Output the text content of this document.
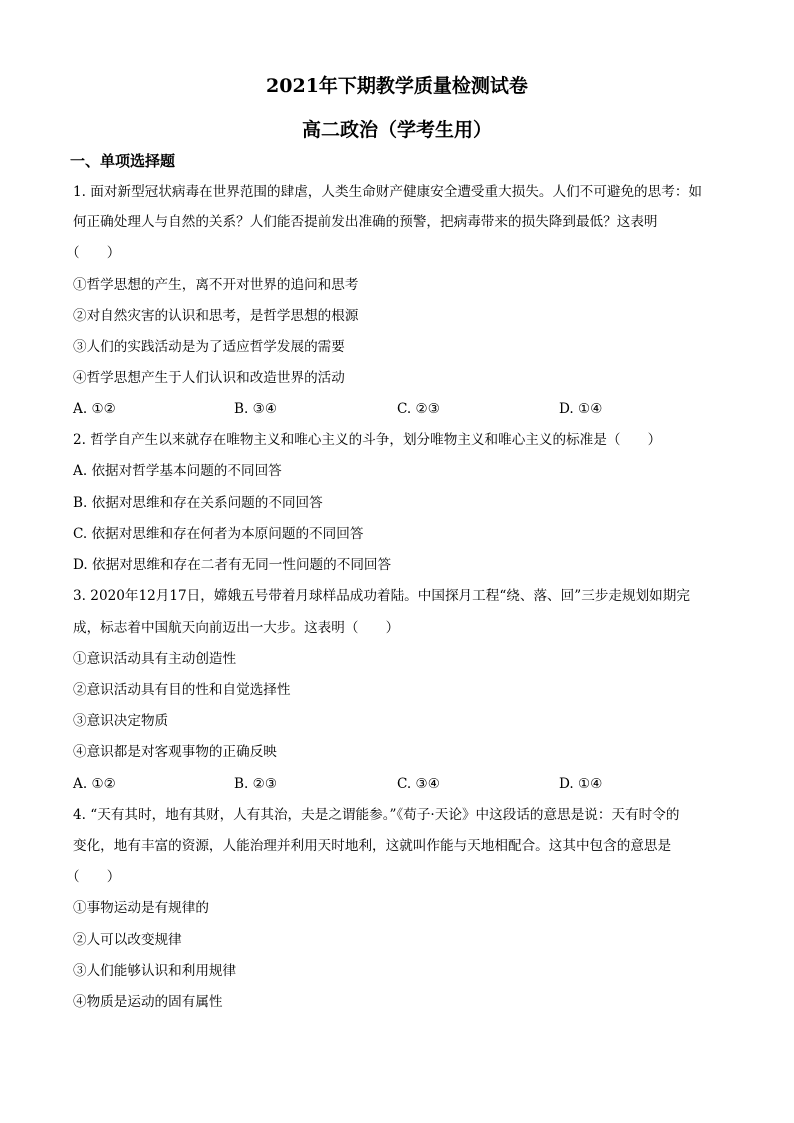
2021年下期教学质量检测试卷
高二政治（学考生用）
一、单项选择题
1. 面对新型冠状病毒在世界范围的肆虐，人类生命财产健康安全遭受重大损失。人们不可避免的思考：如
何正确处理人与自然的关系？人们能否提前发出准确的预警，把病毒带来的损失降到最低？这表明
（　　）
①哲学思想的产生，离不开对世界的追问和思考
②对自然灾害的认识和思考，是哲学思想的根源
③人们的实践活动是为了适应哲学发展的需要
④哲学思想产生于人们认识和改造世界的活动
A. ①②	B. ③④	C. ②③	D. ①④
2. 哲学自产生以来就存在唯物主义和唯心主义的斗争，划分唯物主义和唯心主义的标准是（　　）
A. 依据对哲学基本问题的不同回答
B. 依据对思维和存在关系问题的不同回答
C. 依据对思维和存在何者为本原问题的不同回答
D. 依据对思维和存在二者有无同一性问题的不同回答
3. 2020年12月17日，嫦娥五号带着月球样品成功着陆。中国探月工程“绕、落、回”三步走规划如期完
成，标志着中国航天向前迈出一大步。这表明（　　）
①意识活动具有主动创造性
②意识活动具有目的性和自觉选择性
③意识决定物质
④意识都是对客观事物的正确反映
A. ①②	B. ②③	C. ③④	D. ①④
4. “天有其时，地有其财，人有其治，夫是之谓能参。”《荀子·天论》中这段话的意思是说：天有时令的
变化，地有丰富的资源，人能治理并利用天时地利，这就叫作能与天地相配合。这其中包含的意思是
（　　）
①事物运动是有规律的
②人可以改变规律
③人们能够认识和利用规律
④物质是运动的固有属性
